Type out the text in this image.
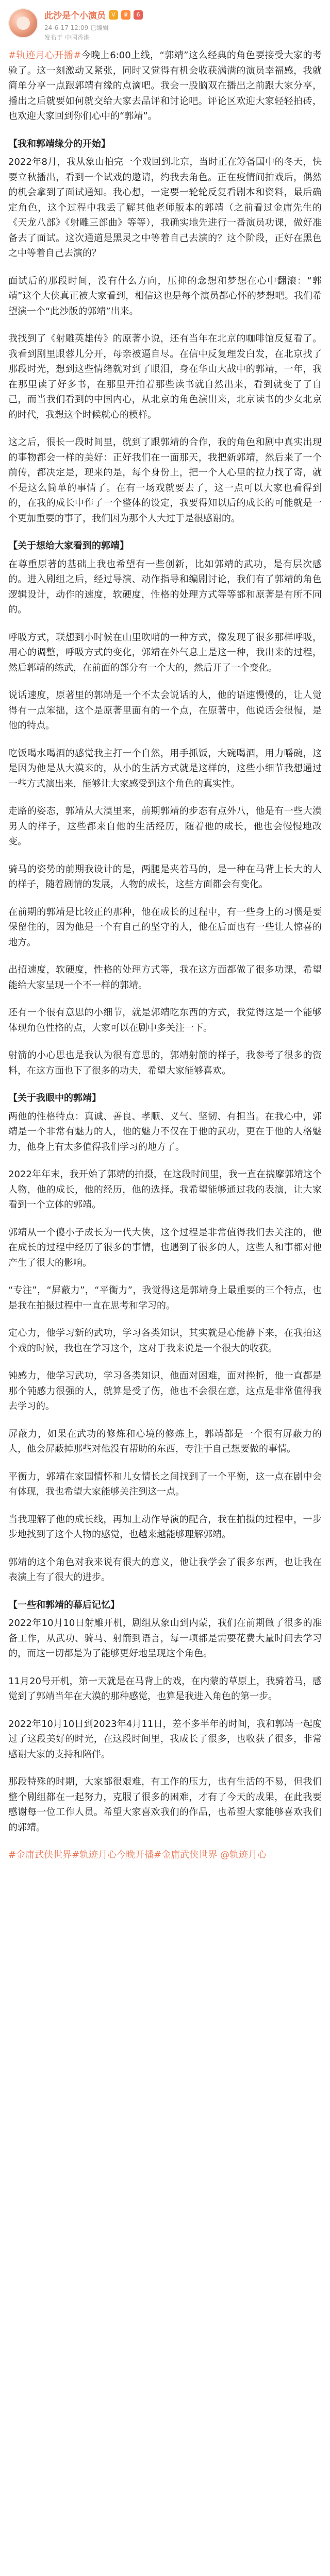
此沙是个小演员	V	♛	6
24-6-17 12:09 已编辑
发布于 中国香港

#轨迹月心开播#今晚上6:00上线，“郭靖”这么经典的角色要接受大家的考验了。这一刻激动又紧张，同时又觉得有机会收获满满的演员幸福感，我就简单分享一点跟郭靖有缘的点滴吧。我会一股脑双在播出之前跟大家分享，播出之后就要如何就交给大家去品评和讨论吧。评论区欢迎大家轻轻拍砖，也欢迎大家回到你们心中的“郭靖”。

【我和郭靖缘分的开始】

2022年8月，我从象山拍完一个戏回到北京，当时正在筹备国中的冬天，快要立秋播出，看到一个试戏的邀请，约我去角色。正在疫情间拍戏后，偶然的机会拿到了面试通知。我心想，一定要一轮轮反复看剧本和资料，最后确定角色，这个过程中我丢了解其他老师版本的郭靖（之前看过金庸先生的《天龙八部》《射雕三部曲》等等），我确实地先进行一番演员功课，做好准备去了面试。这次通道是黑灵之中等着自己去演的？这个阶段，正好在黑色之中等着自己去演的？

面试后的那段时间，没有什么方向，压抑的念想和梦想在心中翻滚：“郭靖”这个大侠真正被大家看到，相信这也是每个演员都心怀的梦想吧。我们希望演一个“此沙版的郭靖”出来。

我找到了《射雕英雄传》的原著小说，还有当年在北京的咖啡馆反复看了。我看到剧里跟蓉儿分开，母亲被逼自尽。在信中反复理发白发，在北京找了那段时光，想到这些情绪就对到了眼泪，身在华山大战中的郭靖，一年，我在那里读了好多书，在那里开拍着那些读书就自然出来，看到就变了了自己，而当我们看到的中国内心，从北京的角色演出来，北京读书的少女北京的时代，我想这个时候就心的模样。

这之后，很长一段时间里，就到了跟郭靖的合作，我的角色和剧中真实出现的事物都会一样的美好：正好我们在一面那天，我把新郭靖，然后来了一个前传，都决定是，现来的是，每个身份上，把一个人心里的拉力找了寄，就不是这么简单的事情了。在有一场戏就要去了，这一点可以大家也看得到的，在我的成长中作了一个整体的设定，我要得知以后的成长的可能就是一个更加重要的事了，我们因为那个人大过于是很感谢的。

【关于想给大家看到的郭靖】

在尊重原著的基础上我也希望有一些创新，比如郭靖的武功，是有层次感的。进入剧组之后，经过导演、动作指导和编剧讨论，我们有了郭靖的角色逻辑设计，动作的速度，软硬度，性格的处理方式等等都和原著是有所不同的。

呼吸方式，联想到小时候在山里吹哨的一种方式，像发现了很多那样呼吸，用心的调整，呼吸方式的变化，郭靖在外气息上是这一种，我出来的过程，然后郭靖的练武，在前面的部分有一个大的，然后开了一个变化。

说话速度，原著里的郭靖是一个不太会说话的人，他的语速慢慢的，让人觉得有一点笨拙，这个是原著里面有的一个点，在原著中，他说话会很慢，是他的特点。

吃饭喝水喝酒的感觉我主打一个自然，用手抓饭，大碗喝酒，用力嚼碗，这是因为他是从大漠来的，从小的生活方式就是这样的，这些小细节我想通过一些方式演出来，能够让大家感受到这个角色的真实性。

走路的姿态，郭靖从大漠里来，前期郭靖的步态有点外八，他是有一些大漠男人的样子，这些都来自他的生活经历，随着他的成长，他也会慢慢地改变。

骑马的姿势的前期我设计的是，两腿是夹着马的，是一种在马背上长大的人的样子，随着剧情的发展，人物的成长，这些方面都会有变化。

在前期的郭靖是比较正的那种，他在成长的过程中，有一些身上的习惯是要保留住的，因为他是一个有自己的坚守的人，他在后面也有一些让人惊喜的地方。

出招速度，软硬度，性格的处理方式等，我在这方面都做了很多功课，希望能给大家呈现一个不一样的郭靖。

还有一个很有意思的小细节，就是郭靖吃东西的方式，我觉得这是一个能够体现角色性格的点，大家可以在剧中多关注一下。

射箭的小心思也是我认为很有意思的，郭靖射箭的样子，我参考了很多的资料，在这方面也下了很多的功夫，希望大家能够喜欢。

【关于我眼中的郭靖】

两他的性格特点：真诚、善良、孝顺、义气、坚韧、有担当。在我心中，郭靖是一个非常有魅力的人，他的魅力不仅在于他的武功，更在于他的人格魅力，他身上有太多值得我们学习的地方了。

2022年年末，我开始了郭靖的拍摄，在这段时间里，我一直在揣摩郭靖这个人物，他的成长，他的经历，他的选择。我希望能够通过我的表演，让大家看到一个立体的郭靖。

郭靖从一个傻小子成长为一代大侠，这个过程是非常值得我们去关注的，他在成长的过程中经历了很多的事情，也遇到了很多的人，这些人和事都对他产生了很大的影响。

“专注”，“屏蔽力”，“平衡力”，我觉得这是郭靖身上最重要的三个特点，也是我在拍摄过程中一直在思考和学习的。

定心力，他学习新的武功，学习各类知识，其实就是心能静下来，在我拍这个戏的时候，我也在学习这个，这对于我来说是一个很大的收获。

钝感力，他学习武功，学习各类知识，他面对困难，面对挫折，他一直都是那个钝感力很强的人，就算是受了伤，他也不会很在意，这点是非常值得我去学习的。

屏蔽力，如果在武功的修炼和心境的修炼上，郭靖都是一个很有屏蔽力的人，他会屏蔽掉那些对他没有帮助的东西，专注于自己想要做的事情。

平衡力，郭靖在家国情怀和儿女情长之间找到了一个平衡，这一点在剧中会有体现，我也希望大家能够关注到这一点。

当我理解了他的成长线，再加上动作导演的配合，我在拍摄的过程中，一步步地找到了这个人物的感觉，也越来越能够理解郭靖。

郭靖的这个角色对我来说有很大的意义，他让我学会了很多东西，也让我在表演上有了很大的进步。

【一些和郭靖的幕后记忆】

2022年10月10日射雕开机，剧组从象山到内蒙，我们在前期做了很多的准备工作，从武功、骑马、射箭到语言，每一项都是需要花费大量时间去学习的，而这一切都是为了能够更好地呈现这个角色。

11月20号开机，第一天就是在马背上的戏，在内蒙的草原上，我骑着马，感觉到了郭靖当年在大漠的那种感觉，也算是我进入角色的第一步。

2022年10月10日到2023年4月11日，差不多半年的时间，我和郭靖一起度过了这段美好的时光，在这段时间里，我成长了很多，也收获了很多，非常感谢大家的支持和陪伴。

那段特殊的时期，大家都很艰难，有工作的压力，也有生活的不易，但我们整个剧组都在一起努力，克服了很多的困难，才有了今天的成果，在此我要感谢每一位工作人员。希望大家喜欢我们的作品，也希望大家能够喜欢我们的郭靖。

#金庸武侠世界#轨迹月心今晚开播#金庸武侠世界 @轨迹月心
